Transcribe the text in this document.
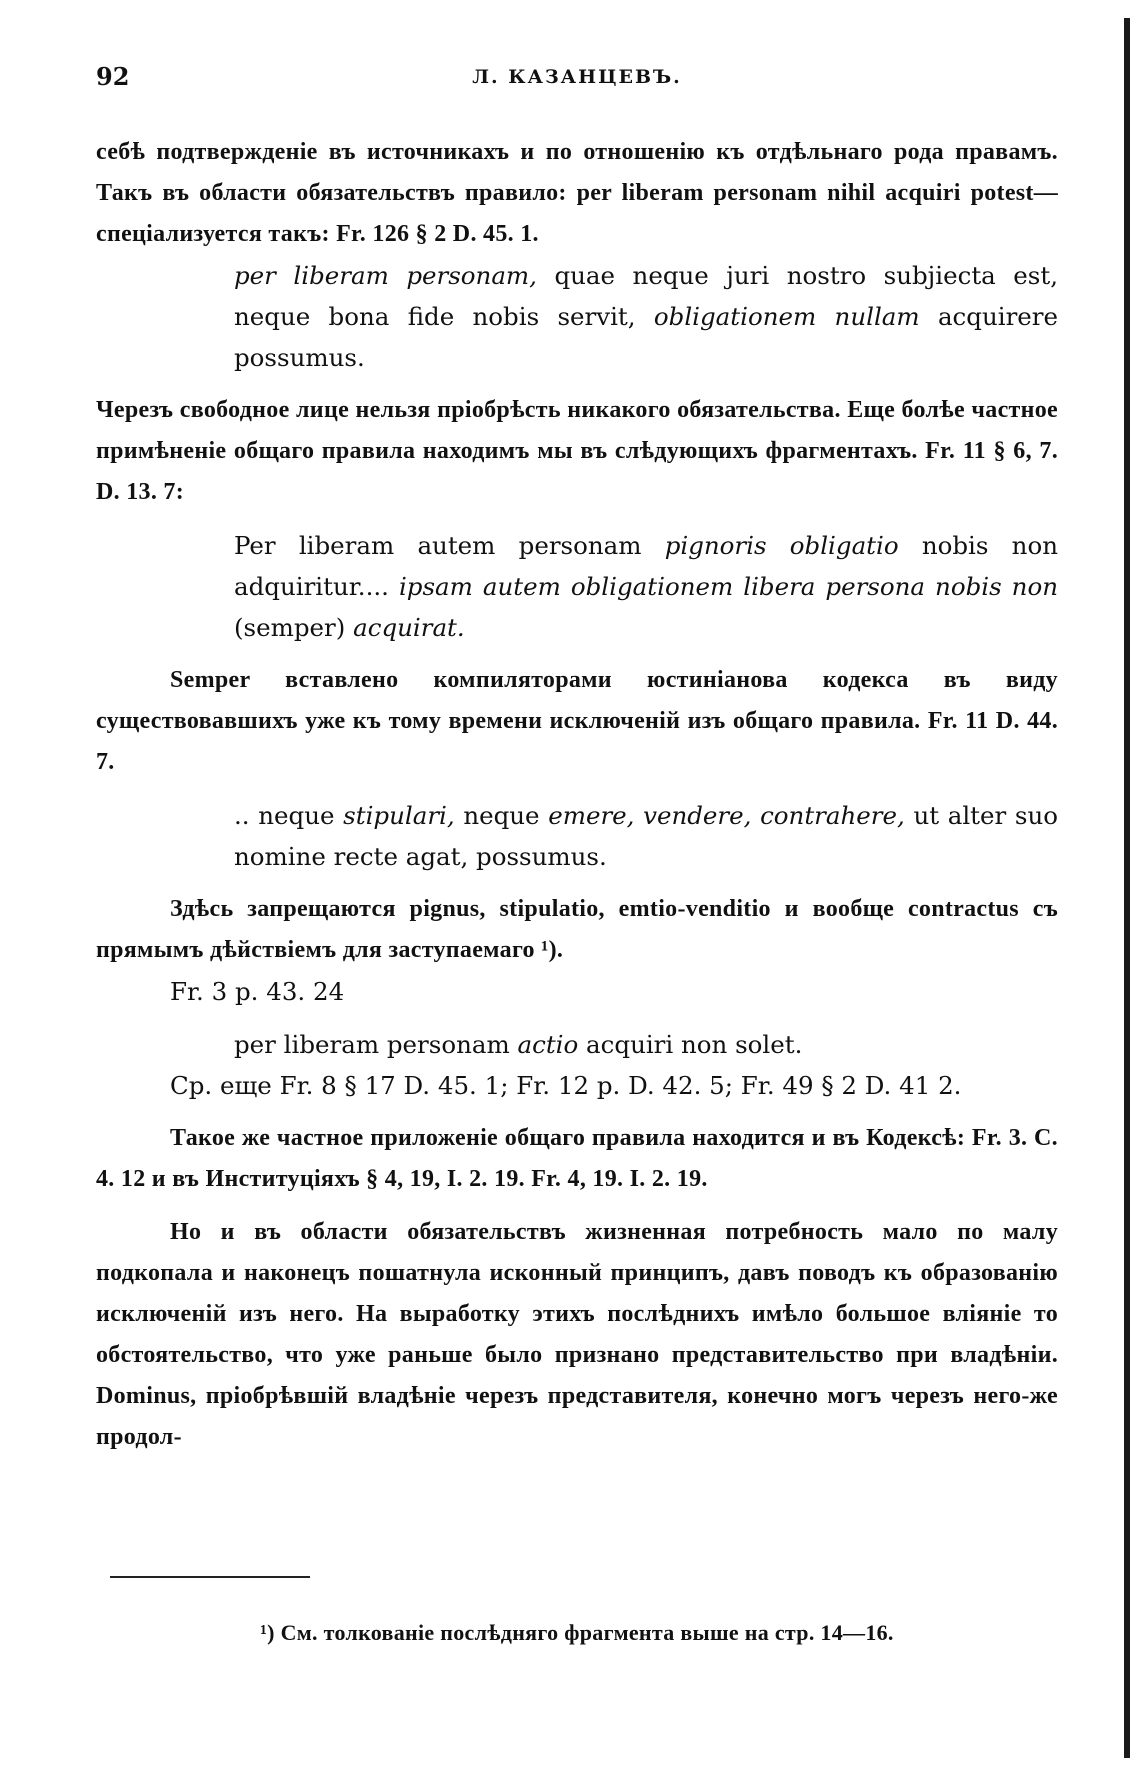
92	Л. КАЗАНЦЕВЪ.

себѣ подтвержденіе въ источникахъ и по отношенію къ отдѣльнаго рода правамъ. Такъ въ области обязательствъ правило: per liberam personam nihil acquiri potest—спеціализуется такъ: Fr. 126 § 2 D. 45. 1.

per liberam personam, quae neque juri nostro subjiecta est, neque bona fide nobis servit, obligationem nullam acquirere possumus.

Черезъ свободное лице нельзя пріобрѣсть никакого обязательства. Еще болѣе частное примѣненіе общаго правила находимъ мы въ слѣдующихъ фрагментахъ. Fr. 11 § 6, 7. D. 13. 7:

Per liberam autem personam pignoris obligatio nobis non adquiritur.... ipsam autem obligationem libera persona nobis non (semper) acquirat.

Semper вставлено компиляторами юстиніанова кодекса въ виду существовавшихъ уже къ тому времени исключеній изъ общаго правила. Fr. 11 D. 44. 7.

.. neque stipulari, neque emere, vendere, contrahere, ut alter suo nomine recte agat, possumus.

Здѣсь запрещаются pignus, stipulatio, emtio-venditio и вообще contractus съ прямымъ дѣйствіемъ для заступаемаго ¹).

Fr. 3 p. 43. 24

per liberam personam actio acquiri non solet.

Ср. еще Fr. 8 § 17 D. 45. 1; Fr. 12 p. D. 42. 5; Fr. 49 § 2 D. 41 2.

Такое же частное приложеніе общаго правила находится и въ Кодексѣ: Fr. 3. C. 4. 12 и въ Институціяхъ § 4, 19, I. 2. 19. Fr. 4, 19. I. 2. 19.

Но и въ области обязательствъ жизненная потребность мало по малу подкопала и наконецъ пошатнула исконный принципъ, давъ поводъ къ образованію исключеній изъ него. На выработку этихъ послѣднихъ имѣло большое вліяніе то обстоятельство, что уже раньше было признано представительство при владѣніи. Dominus, пріобрѣвшій владѣніе черезъ представителя, конечно могъ черезъ него-же продол-

¹) См. толкованіе послѣдняго фрагмента выше на стр. 14—16.
